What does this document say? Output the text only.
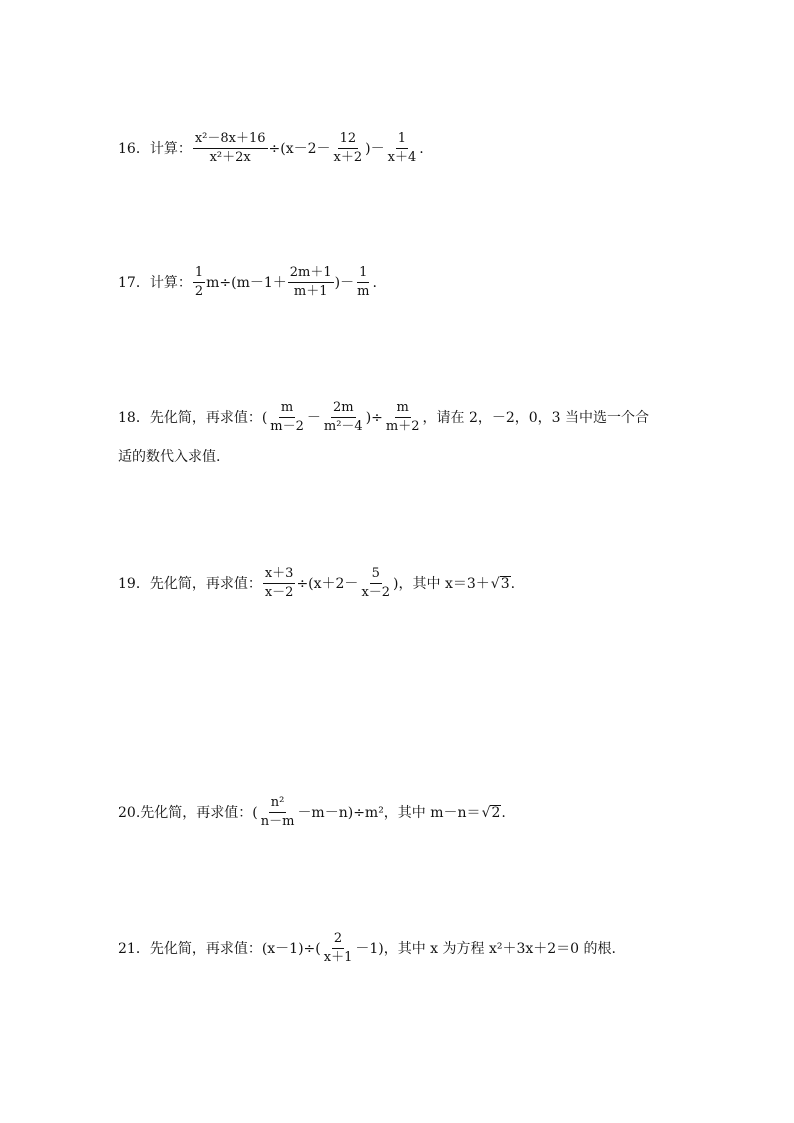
16．计算： $\frac{\text{x²－8x＋16}}{\text{x²＋2x}} \div(x-2- \frac{12}{x+2}$ )－ $\frac{1}{x+4}$ .
17．计算： $\frac{1}{2} m\div(m-1+ \frac{2m+1}{m+1}$ )－ $\frac{1}{m}$ .
18．先化简，再求值：( $\frac{m}{m-2} - \frac{2m}{\text{m²－4}}$ )÷ $\frac{m}{m+2}$ ，请在 2，－2，0，3 当中选一个合
适的数代入求值.
19．先化简，再求值： $\frac{x+3}{x-2} \div(x+2- \frac{5}{x-2}$ )，其中 x＝3＋ √ 3 .
20.先化简，再求值：( $\frac{\text{n²}}{n-m} -m-n)\div m^2$，其中 m－n＝ √ 2 .
21．先化简，再求值：$(x-1)\div( \frac{2}{x+1} -1)$，其中 x 为方程 x²＋3x＋2＝0 的根.
